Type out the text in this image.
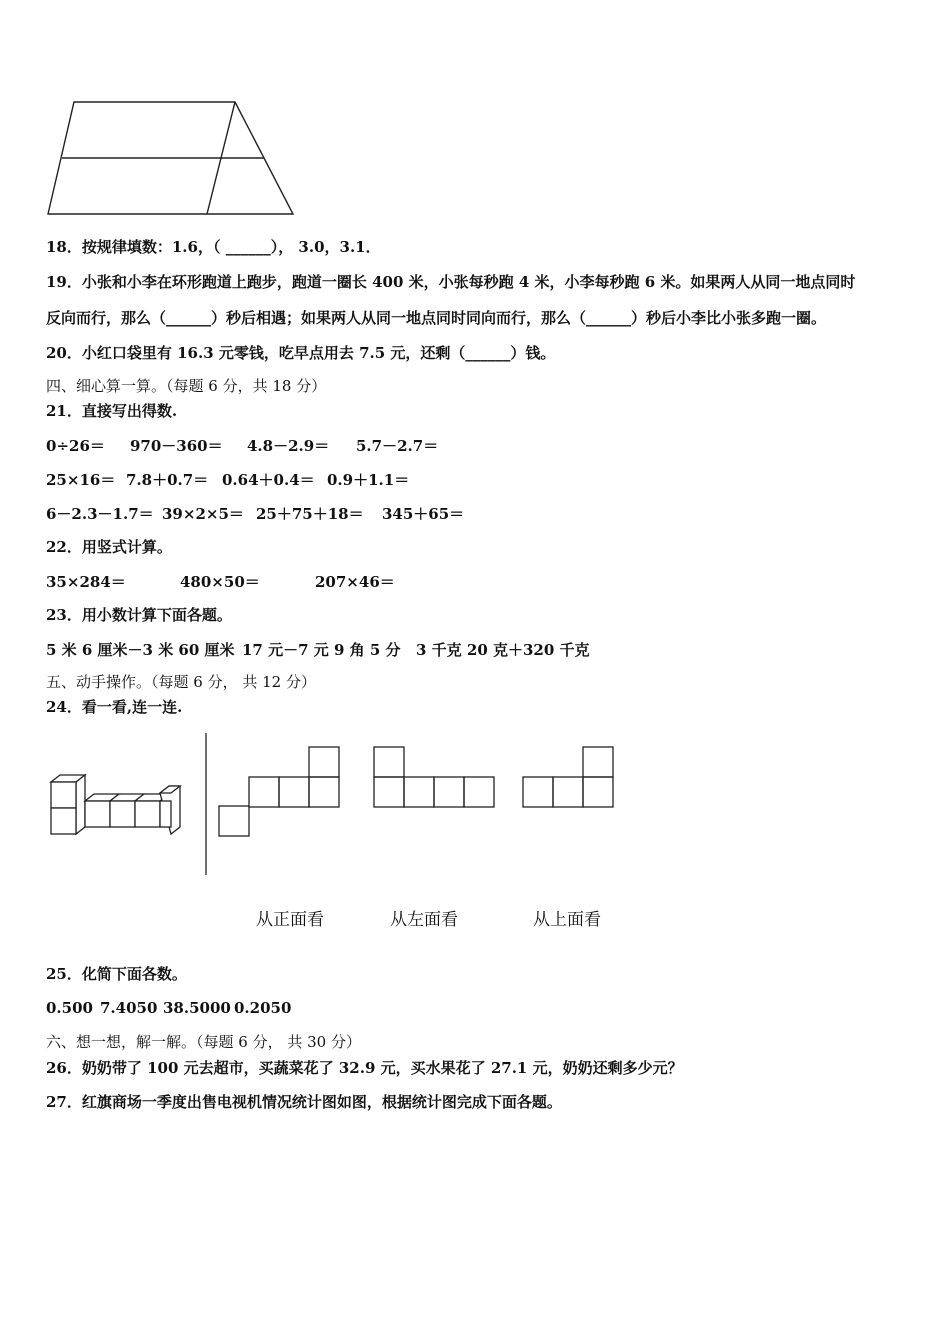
18．按规律填数：1.6，（ ______）， 3.0，3.1．
19．小张和小李在环形跑道上跑步，跑道一圈长 400 米，小张每秒跑 4 米，小李每秒跑 6 米。如果两人从同一地点同时
反向而行，那么（______）秒后相遇；如果两人从同一地点同时同向而行，那么（______）秒后小李比小张多跑一圈。
20．小红口袋里有 16.3 元零钱，吃早点用去 7.5 元，还剩（______）钱。
四、细心算一算。（每题 6 分，共 18 分）
21．直接写出得数.
0÷26＝ 970－360＝ 4.8－2.9＝ 5.7－2.7＝
25×16＝ 7.8＋0.7＝ 0.64＋0.4＝ 0.9＋1.1＝
6－2.3－1.7＝ 39×2×5＝ 25＋75＋18＝ 345＋65＝
22．用竖式计算。
35×284＝	480×50＝	207×46＝
23．用小数计算下面各题。
5 米 6 厘米－3 米 60 厘米 17 元－7 元 9 角 5 分 3 千克 20 克＋320 千克
五、动手操作。（每题 6 分， 共 12 分）
24．看一看,连一连.
从正面看	从左面看	从上面看
25．化简下面各数。
0.500 7.4050 38.5000 0.2050
六、想一想，解一解。（每题 6 分， 共 30 分）
26．奶奶带了 100 元去超市，买蔬菜花了 32.9 元，买水果花了 27.1 元，奶奶还剩多少元？
27．红旗商场一季度出售电视机情况统计图如图，根据统计图完成下面各题。
